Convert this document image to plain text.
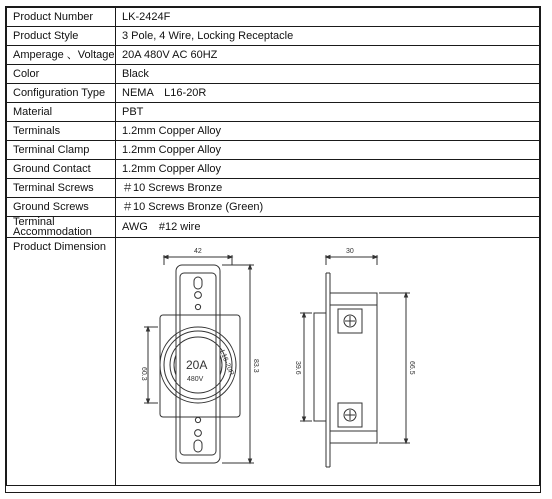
Product Number	LK-2424F
Product Style	3 Pole, 4 Wire, Locking Receptacle
Amperage 、Voltage	20A 480V AC 60HZ
Color	Black
Configuration Type	NEMA　L16-20R
Material	PBT
Terminals	1.2mm Copper Alloy
Terminal Clamp	1.2mm Copper Alloy
Ground Contact	1.2mm Copper Alloy
Terminal Screws	＃10 Screws Bronze
Ground Screws	＃10 Screws Bronze (Green)
Terminal Accommodation	AWG　#12 wire
Product Dimension		42
60.3
83.3
20A
480V
L16-20R
30
39.6	66.5
